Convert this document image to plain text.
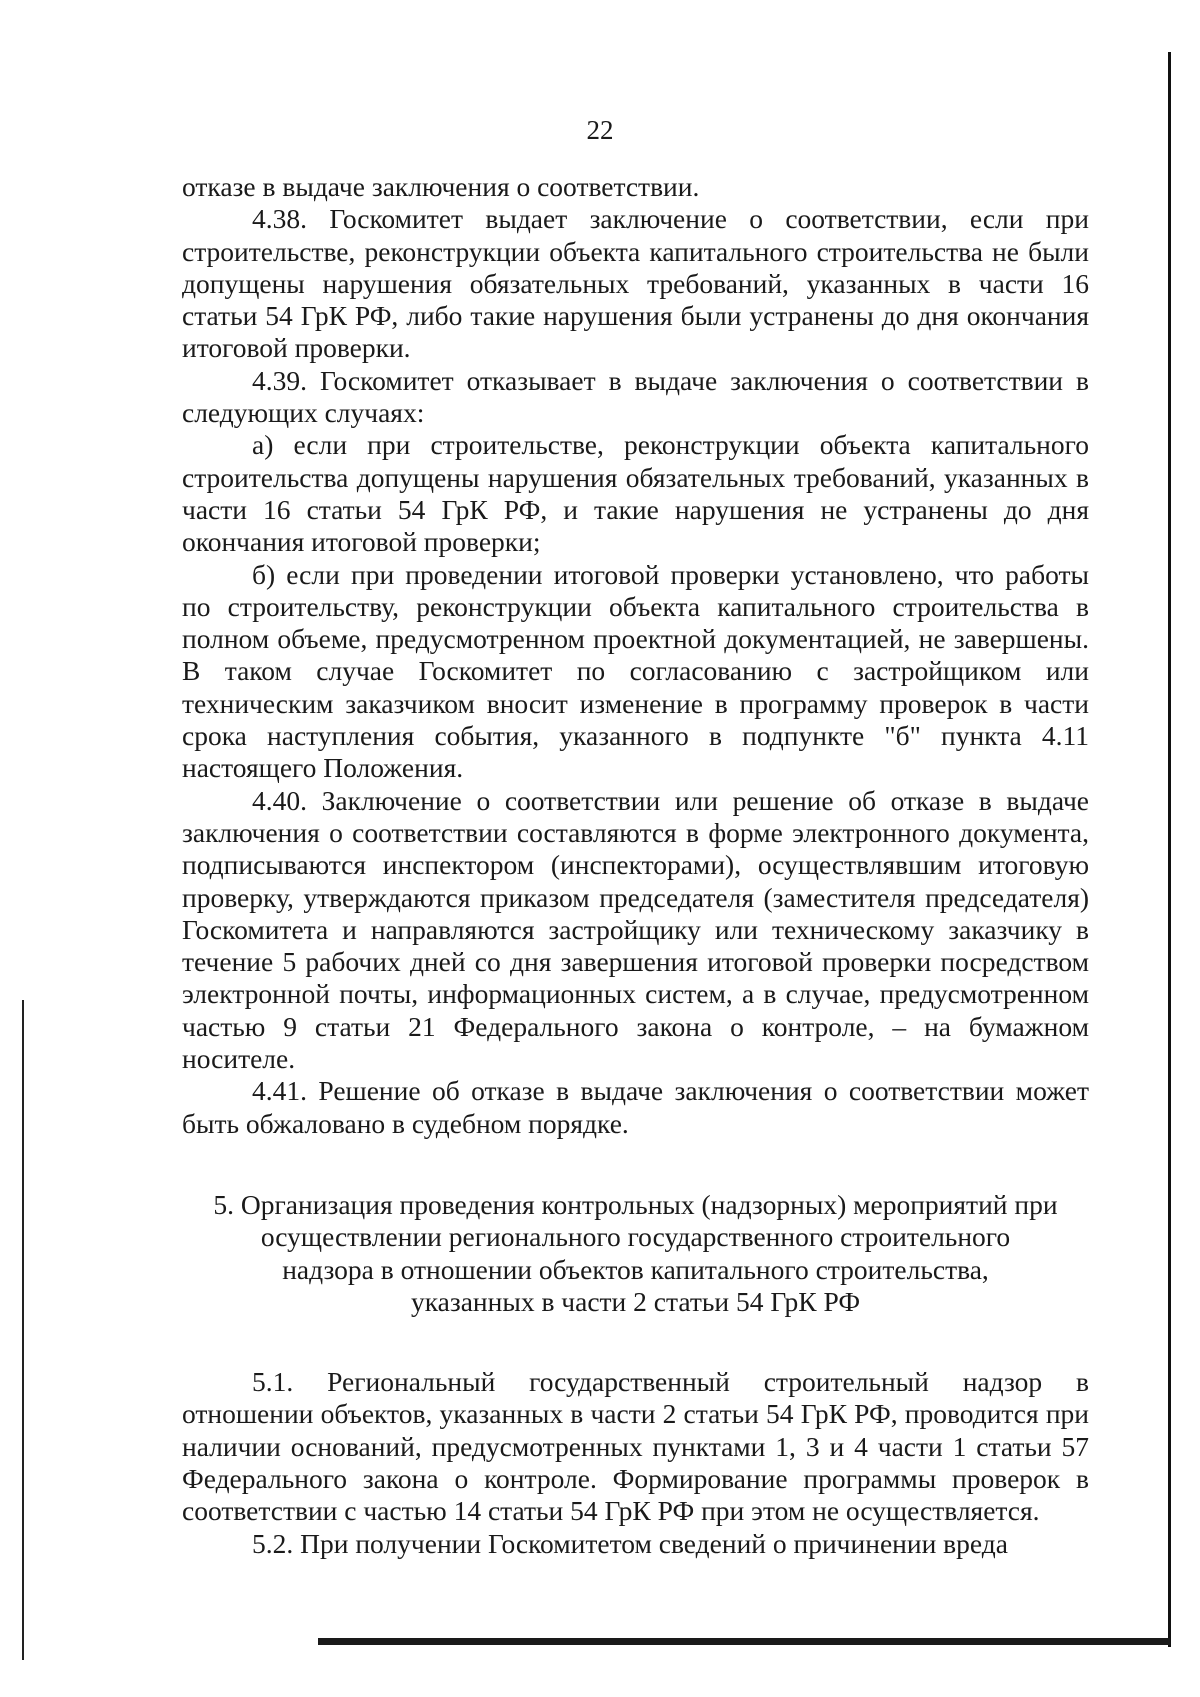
22

отказе в выдаче заключения о соответствии.

4.38. Госкомитет выдает заключение о соответствии, если при строительстве, реконструкции объекта капитального строительства не были допущены нарушения обязательных требований, указанных в части 16 статьи 54 ГрК РФ, либо такие нарушения были устранены до дня окончания итоговой проверки.

4.39. Госкомитет отказывает в выдаче заключения о соответствии в следующих случаях:

а) если при строительстве, реконструкции объекта капитального строительства допущены нарушения обязательных требований, указанных в части 16 статьи 54 ГрК РФ, и такие нарушения не устранены до дня окончания итоговой проверки;

б) если при проведении итоговой проверки установлено, что работы по строительству, реконструкции объекта капитального строительства в полном объеме, предусмотренном проектной документацией, не завершены. В таком случае Госкомитет по согласованию с застройщиком или техническим заказчиком вносит изменение в программу проверок в части срока наступления события, указанного в подпункте "б" пункта 4.11 настоящего Положения.

4.40. Заключение о соответствии или решение об отказе в выдаче заключения о соответствии составляются в форме электронного документа, подписываются инспектором (инспекторами), осуществлявшим итоговую проверку, утверждаются приказом председателя (заместителя председателя) Госкомитета и направляются застройщику или техническому заказчику в течение 5 рабочих дней со дня завершения итоговой проверки посредством электронной почты, информационных систем, а в случае, предусмотренном частью 9 статьи 21 Федерального закона о контроле, – на бумажном носителе.

4.41. Решение об отказе в выдаче заключения о соответствии может быть обжаловано в судебном порядке.

5. Организация проведения контрольных (надзорных) мероприятий при
осуществлении регионального государственного строительного
надзора в отношении объектов капитального строительства,
указанных в части 2 статьи 54 ГрК РФ

5.1. Региональный государственный строительный надзор в отношении объектов, указанных в части 2 статьи 54 ГрК РФ, проводится при наличии оснований, предусмотренных пунктами 1, 3 и 4 части 1 статьи 57 Федерального закона о контроле. Формирование программы проверок в соответствии с частью 14 статьи 54 ГрК РФ при этом не осуществляется.

5.2. При получении Госкомитетом сведений о причинении вреда
